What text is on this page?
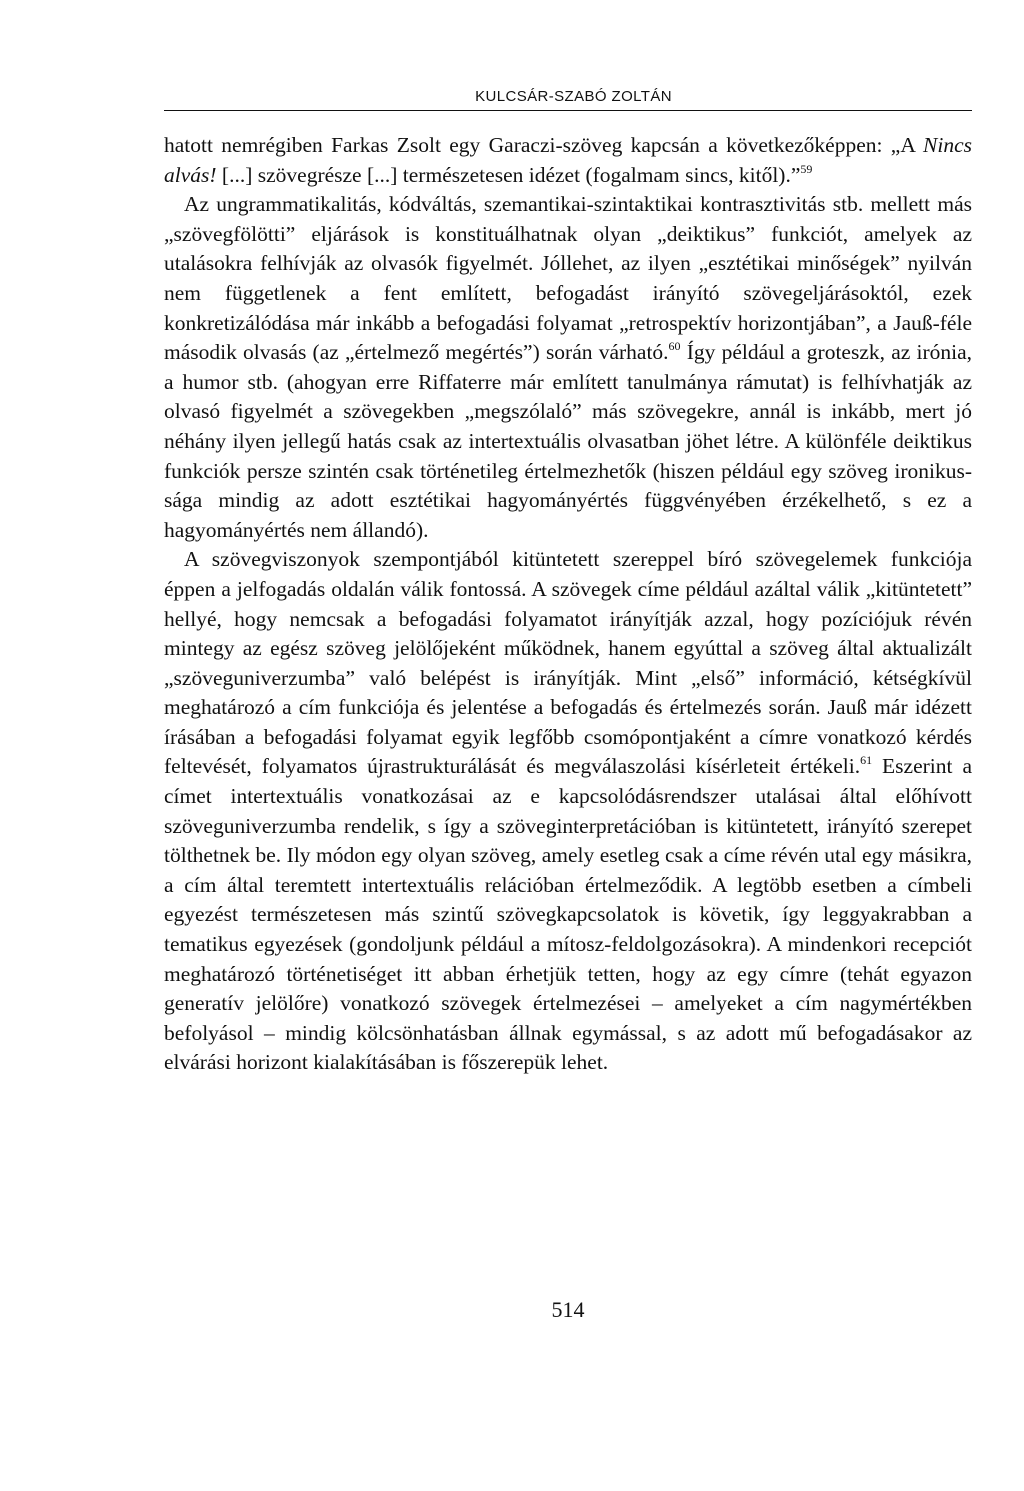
KULCSÁR-SZABÓ ZOLTÁN

hatott nemrégiben Farkas Zsolt egy Garaczi-szöveg kapcsán a következőképpen: „A Nincs alvás! [...] szövegrésze [...] természetesen idézet (fogalmam sincs, kitől).”$^{59}$

Az ungrammatikalitás, kódváltás, szemantikai-szintaktikai kontrasztivitás stb. mellett más „szövegfölötti” eljárások is konstituálhatnak olyan „deiktikus” funkciót, amelyek az utalásokra felhívják az olvasók figyelmét. Jóllehet, az ilyen „esztétikai minőségek” nyilván nem függetlenek a fent említett, befogadást irányító szövegeljárásoktól, ezek konkretizálódása már inkább a befogadási folyamat „retrospektív horizontjában”, a Jauß-féle második olvasás (az „értelmező megértés”) során várható.$^{60}$ Így például a groteszk, az irónia, a humor stb. (ahogyan erre Riffaterre már említett tanulmánya rámutat) is felhívhatják az olvasó figyelmét a szövegekben „megszólaló” más szövegekre, annál is inkább, mert jó néhány ilyen jellegű hatás csak az intertextuális olvasatban jöhet létre. A különféle deiktikus funkciók persze szintén csak történetileg értelmezhetők (hiszen például egy szöveg ironikussága mindig az adott esztétikai hagyományértés függvényében érzékelhető, s ez a hagyományértés nem állandó).

A szövegviszonyok szempontjából kitüntetett szereppel bíró szövegelemek funkciója éppen a jelfogadás oldalán válik fontossá. A szövegek címe például azáltal válik „kitüntetett” hellyé, hogy nemcsak a befogadási folyamatot irányítják azzal, hogy pozíciójuk révén mintegy az egész szöveg jelölőjeként működnek, hanem egyúttal a szöveg által aktualizált „szöveguniverzumba” való belépést is irányítják. Mint „első” információ, kétségkívül meghatározó a cím funkciója és jelentése a befogadás és értelmezés során. Jauß már idézett írásában a befogadási folyamat egyik legfőbb csomópontjaként a címre vonatkozó kérdés feltevését, folyamatos újrastrukturálását és megválaszolási kísérleteit értékeli.$^{61}$ Eszerint a címet intertextuális vonatkozásai az e kapcsolódásrendszer utalásai által előhívott szöveguniverzumba rendelik, s így a szöveginterpretációban is kitüntetett, irányító szerepet tölthetnek be. Ily módon egy olyan szöveg, amely esetleg csak a címe révén utal egy másikra, a cím által teremtett intertextuális relációban értelmeződik. A legtöbb esetben a címbeli egyezést természetesen más szintű szövegkapcsolatok is követik, így leggyakrabban a tematikus egyezések (gondoljunk például a mítosz-feldolgozásokra). A mindenkori recepciót meghatározó történetiséget itt abban érhetjük tetten, hogy az egy címre (tehát egyazon generatív jelölőre) vonatkozó szövegek értelmezései – amelyeket a cím nagymértékben befolyásol – mindig kölcsönhatásban állnak egymással, s az adott mű befogadásakor az elvárási horizont kialakításában is főszerepük lehet.

514
